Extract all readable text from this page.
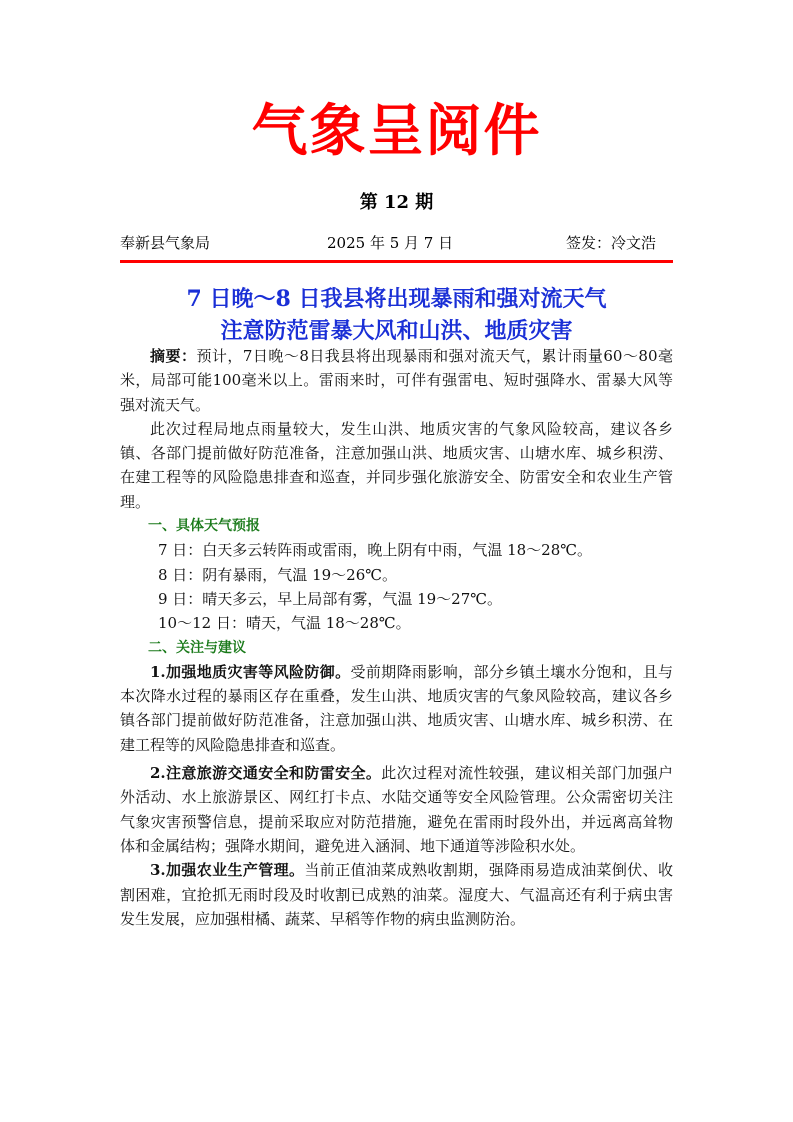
气象呈阅件
第 12 期
奉新县气象局	2025 年 5 月 7 日	签发：冷文浩
7 日晚～8 日我县将出现暴雨和强对流天气
注意防范雷暴大风和山洪、地质灾害

摘要：预计，7日晚～8日我县将出现暴雨和强对流天气，累计雨量60～80毫米，局部可能100毫米以上。雷雨来时，可伴有强雷电、短时强降水、雷暴大风等强对流天气。

此次过程局地点雨量较大，发生山洪、地质灾害的气象风险较高，建议各乡镇、各部门提前做好防范准备，注意加强山洪、地质灾害、山塘水库、城乡积涝、在建工程等的风险隐患排查和巡查，并同步强化旅游安全、防雷安全和农业生产管理。

一、具体天气预报

7 日：白天多云转阵雨或雷雨，晚上阴有中雨，气温 18～28℃。

8 日：阴有暴雨，气温 19～26℃。

9 日：晴天多云，早上局部有雾，气温 19～27℃。

10～12 日：晴天，气温 18～28℃。

二、关注与建议

1.加强地质灾害等风险防御。受前期降雨影响，部分乡镇土壤水分饱和，且与本次降水过程的暴雨区存在重叠，发生山洪、地质灾害的气象风险较高，建议各乡镇各部门提前做好防范准备，注意加强山洪、地质灾害、山塘水库、城乡积涝、在建工程等的风险隐患排查和巡查。

2.注意旅游交通安全和防雷安全。此次过程对流性较强，建议相关部门加强户外活动、水上旅游景区、网红打卡点、水陆交通等安全风险管理。公众需密切关注气象灾害预警信息，提前采取应对防范措施，避免在雷雨时段外出，并远离高耸物体和金属结构；强降水期间，避免进入涵洞、地下通道等涉险积水处。

3.加强农业生产管理。当前正值油菜成熟收割期，强降雨易造成油菜倒伏、收割困难，宜抢抓无雨时段及时收割已成熟的油菜。湿度大、气温高还有利于病虫害发生发展，应加强柑橘、蔬菜、早稻等作物的病虫监测防治。
